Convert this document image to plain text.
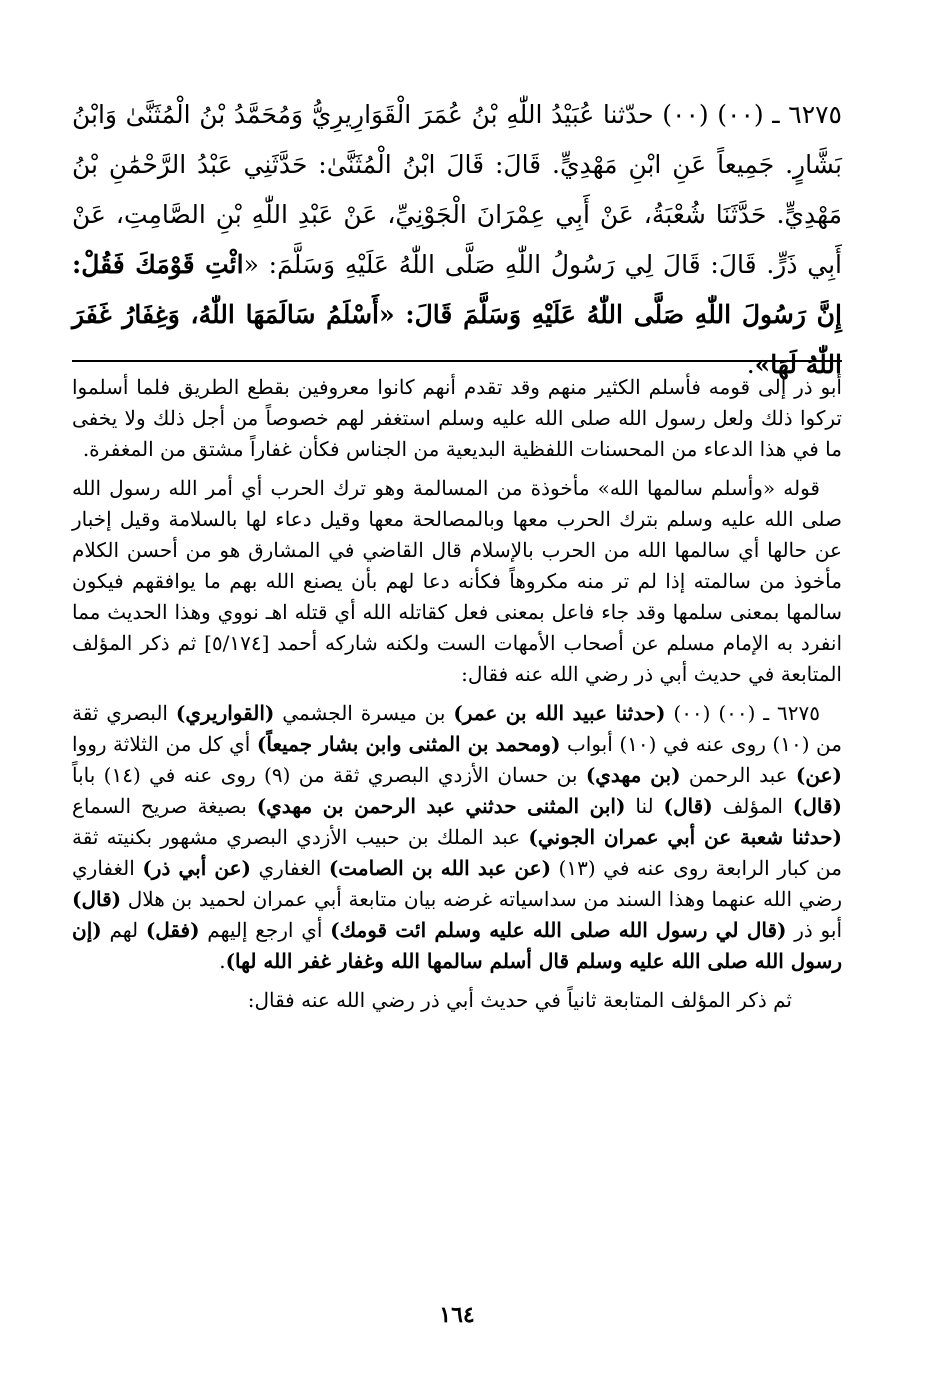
٦٢٧٥ ـ (٠٠) (٠٠) حدّثنا عُبَيْدُ اللّٰهِ بْنُ عُمَرَ الْقَوَارِيرِيُّ وَمُحَمَّدُ بْنُ الْمُثَنَّىٰ وَابْنُ بَشَّارٍ. جَمِيعاً عَنِ ابْنِ مَهْدِيٍّ. قَالَ: قَالَ ابْنُ الْمُثَنَّىٰ: حَدَّثَنِي عَبْدُ الرَّحْمَٰنِ بْنُ مَهْدِيٍّ. حَدَّثَنَا شُعْبَةُ، عَنْ أَبِي عِمْرَانَ الْجَوْنِيِّ، عَنْ عَبْدِ اللّٰهِ بْنِ الصَّامِتِ، عَنْ أَبِي ذَرٍّ. قَالَ: قَالَ لِي رَسُولُ اللّٰهِ صَلَّى اللّٰهُ عَلَيْهِ وَسَلَّمَ: «ائْتِ قَوْمَكَ فَقُلْ: إِنَّ رَسُولَ اللّٰهِ صَلَّى اللّٰهُ عَلَيْهِ وَسَلَّمَ قَالَ: «أَسْلَمُ سَالَمَهَا اللّٰهُ، وَغِفَارُ غَفَرَ اللّٰهُ لَهَا».

أبو ذر إلى قومه فأسلم الكثير منهم وقد تقدم أنهم كانوا معروفين بقطع الطريق فلما أسلموا تركوا ذلك ولعل رسول الله صلى الله عليه وسلم استغفر لهم خصوصاً من أجل ذلك ولا يخفى ما في هذا الدعاء من المحسنات اللفظية البديعية من الجناس فكأن غفاراً مشتق من المغفرة.

قوله «وأسلم سالمها الله» مأخوذة من المسالمة وهو ترك الحرب أي أمر الله رسول الله صلى الله عليه وسلم بترك الحرب معها وبالمصالحة معها وقيل دعاء لها بالسلامة وقيل إخبار عن حالها أي سالمها الله من الحرب بالإسلام قال القاضي في المشارق هو من أحسن الكلام مأخوذ من سالمته إذا لم تر منه مكروهاً فكأنه دعا لهم بأن يصنع الله بهم ما يوافقهم فيكون سالمها بمعنى سلمها وقد جاء فاعل بمعنى فعل كقاتله الله أي قتله اهـ نووي وهذا الحديث مما انفرد به الإمام مسلم عن أصحاب الأمهات الست ولكنه شاركه أحمد [٥/١٧٤] ثم ذكر المؤلف المتابعة في حديث أبي ذر رضي الله عنه فقال:

٦٢٧٥ ـ (٠٠) (٠٠) (حدثنا عبيد الله بن عمر) بن ميسرة الجشمي (القواريري) البصري ثقة من (١٠) روى عنه في (١٠) أبواب (ومحمد بن المثنى وابن بشار جميعاً) أي كل من الثلاثة رووا (عن) عبد الرحمن (بن مهدي) بن حسان الأزدي البصري ثقة من (٩) روى عنه في (١٤) باباً (قال) المؤلف (قال) لنا (ابن المثنى حدثني عبد الرحمن بن مهدي) بصيغة صريح السماع (حدثنا شعبة عن أبي عمران الجوني) عبد الملك بن حبيب الأزدي البصري مشهور بكنيته ثقة من كبار الرابعة روى عنه في (١٣) (عن عبد الله بن الصامت) الغفاري (عن أبي ذر) الغفاري رضي الله عنهما وهذا السند من سداسياته غرضه بيان متابعة أبي عمران لحميد بن هلال (قال) أبو ذر (قال لي رسول الله صلى الله عليه وسلم ائت قومك) أي ارجع إليهم (فقل) لهم (إن رسول الله صلى الله عليه وسلم قال أسلم سالمها الله وغفار غفر الله لها).

ثم ذكر المؤلف المتابعة ثانياً في حديث أبي ذر رضي الله عنه فقال:

١٦٤
